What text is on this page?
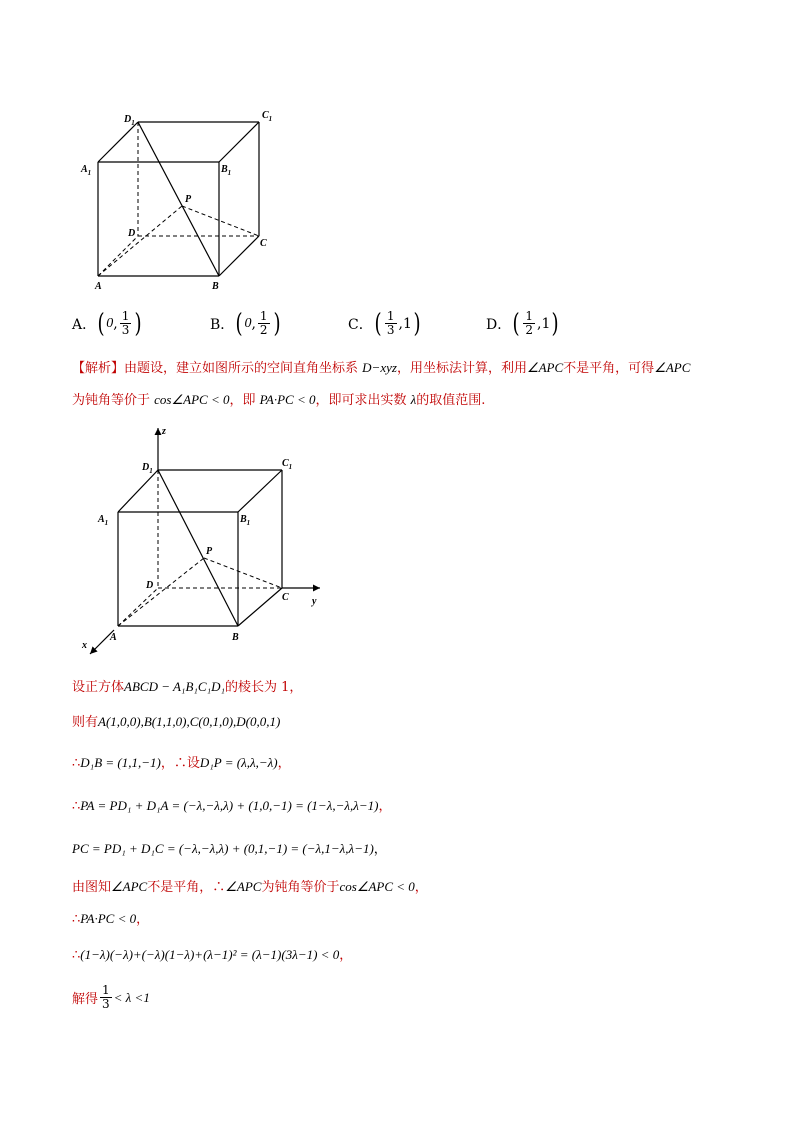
$D_1$
$C_1$
$A_1$	$B_1$
P
D
C
A	B
A． ( 0 , $\frac{1}{3}$ )	B． ( 0 , $\frac{1}{2}$ )	C． ( $\frac{1}{3}$ , 1 )	D． ( $\frac{1}{2}$ , 1 )
【解析】由题设，建立如图所示的空间直角坐标系 D−xyz，用坐标法计算，利用∠APC不是平角，可得∠APC
为钝角等价于 cos∠APC < 0，即 PA·PC < 0，即可求出实数 λ的取值范围.
z
y
x
$D_1$
$C_1$
$A_1$	$B_1$
P
D
C
A	B
设正方体ABCD − A₁B₁C₁D₁的棱长为 1，
则有A(1,0,0),B(1,1,0),C(0,1,0),D(0,0,1)
∴D₁B = (1,1,−1)，∴设D₁P = (λ,λ,−λ)，
∴PA = PD₁ + D₁A = (−λ,−λ,λ) + (1,0,−1) = (1−λ,−λ,λ−1)，
PC = PD₁ + D₁C = (−λ,−λ,λ) + (0,1,−1) = (−λ,1−λ,λ−1)，
由图知∠APC不是平角，∴∠APC为钝角等价于cos∠APC < 0，
∴PA·PC < 0，
∴(1−λ)(−λ)+(−λ)(1−λ)+(λ−1)² = (λ−1)(3λ−1) < 0，
解得 $\frac{1}{3} < \lambda <1$
